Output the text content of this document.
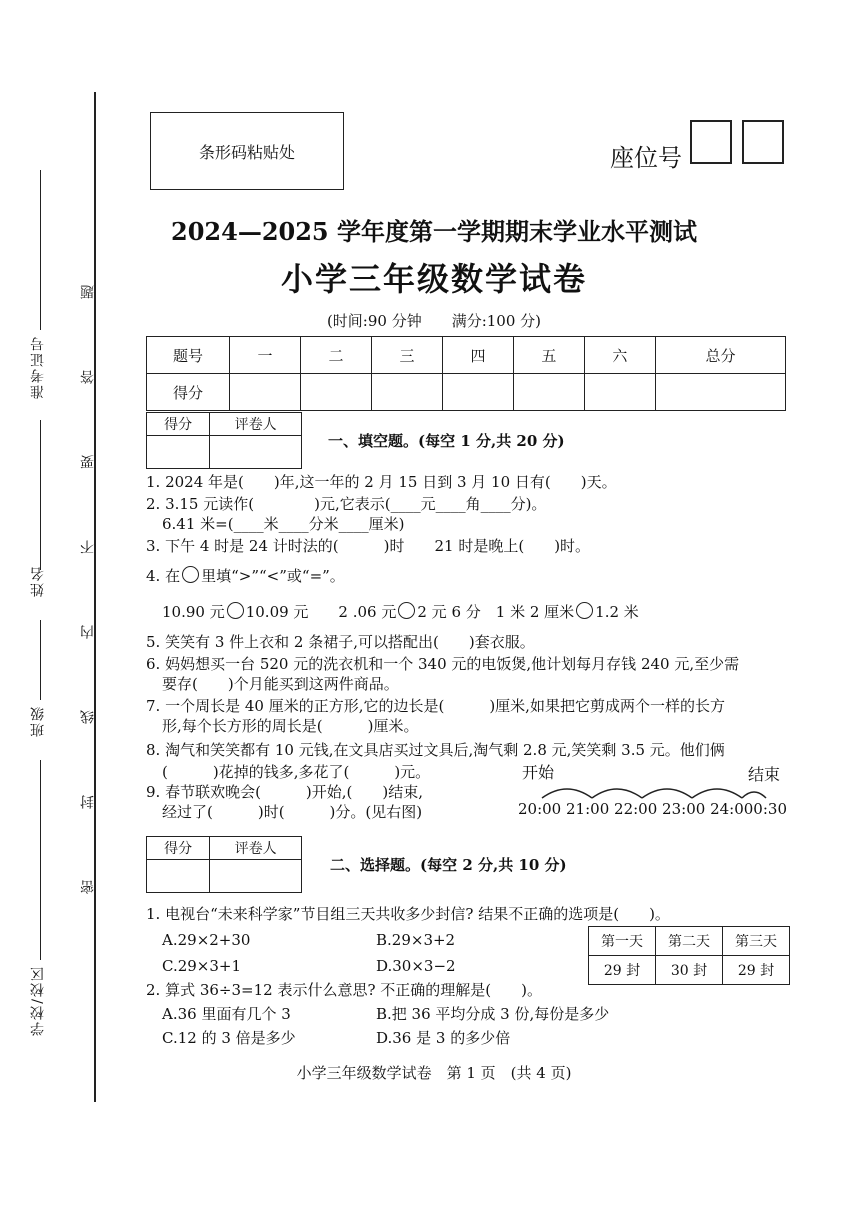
准考证号
姓名
班级
学校/校区
题
答
要
不
内
线
封
密
条形码粘贴处	座位号
2024—2025 学年度第一学期期末学业水平测试
小学三年级数学试卷
(时间:90 分钟　　满分:100 分)
题号	一	二	三	四	五	六	总分
得分							
得分	评卷人

一、填空题。(每空 1 分,共 20 分)
1. 2024 年是(　　)年,这一年的 2 月 15 日到 3 月 10 日有(　　)天。
2. 3.15 元读作(　　　　)元,它表示(____元____角____分)。
6.41 米=(____米____分米____厘米)
3. 下午 4 时是 24 计时法的(　　　)时　　21 时是晚上(　　)时。
4. 在 里填“>”“<”或“=”。
10.90 元 10.09 元　　2 .06 元 2 元 6 分　1 米 2 厘米 1.2 米
5. 笑笑有 3 件上衣和 2 条裙子,可以搭配出(　　)套衣服。
6. 妈妈想买一台 520 元的洗衣机和一个 340 元的电饭煲,他计划每月存钱 240 元,至少需
要存(　　)个月能买到这两件商品。
7. 一个周长是 40 厘米的正方形,它的边长是(　　　)厘米,如果把它剪成两个一样的长方
形,每个长方形的周长是(　　　)厘米。
8. 淘气和笑笑都有 10 元钱,在文具店买过文具后,淘气剩 2.8 元,笑笑剩 3.5 元。他们俩
(　　　)花掉的钱多,多花了(　　　)元。
9. 春节联欢晚会(　　　)开始,(　　)结束,
经过了(　　　)时(　　　)分。(见右图)
开始	结束
20:00 21:00 22:00 23:00 24:000:30
得分	评卷人

二、选择题。(每空 2 分,共 10 分)
1. 电视台“未来科学家”节目组三天共收多少封信? 结果不正确的选项是(　　)。
A.29×2+30	B.29×3+2
C.29×3+1	D.30×3−2
第一天	第二天	第三天
29 封	30 封	29 封
2. 算式 36÷3=12 表示什么意思? 不正确的理解是(　　)。
A.36 里面有几个 3	B.把 36 平均分成 3 份,每份是多少
C.12 的 3 倍是多少	D.36 是 3 的多少倍
小学三年级数学试卷　第 1 页　(共 4 页)
